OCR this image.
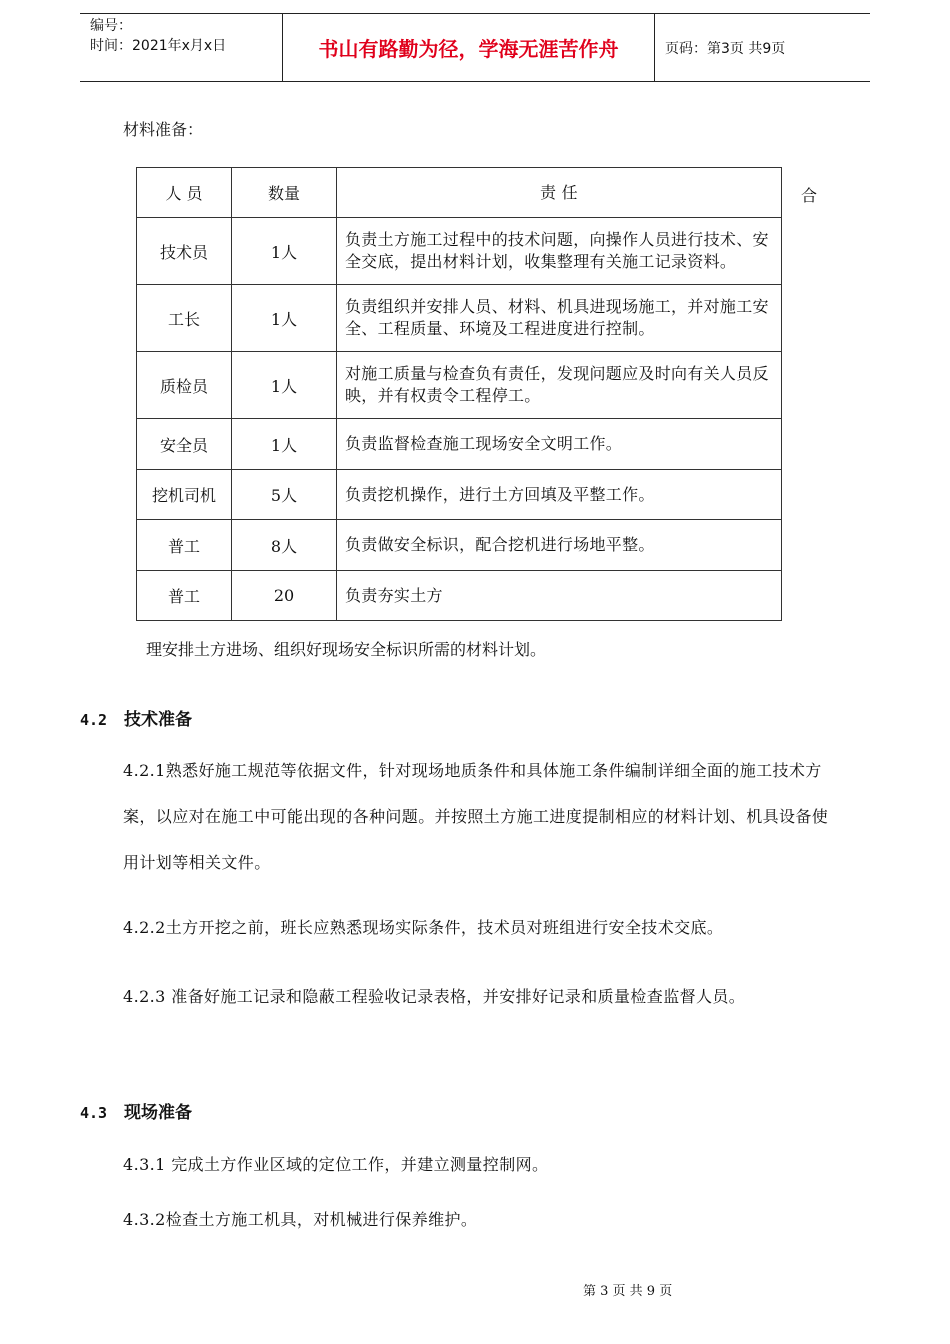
编号：
时间：2021年x月x日	书山有路勤为径，学海无涯苦作舟	页码：第3页 共9页
材料准备：
人 员	数量	责 任
技术员	1人	负责土方施工过程中的技术问题，向操作人员进行技术、安全交底，提出材料计划，收集整理有关施工记录资料。
工长	1人	负责组织并安排人员、材料、机具进现场施工，并对施工安全、工程质量、环境及工程进度进行控制。
质检员	1人	对施工质量与检查负有责任，发现问题应及时向有关人员反映，并有权责令工程停工。
安全员	1人	负责监督检查施工现场安全文明工作。
挖机司机	5人	负责挖机操作，进行土方回填及平整工作。
普工	8人	负责做安全标识，配合挖机进行场地平整。
普工	20	负责夯实土方
合
理安排土方进场、组织好现场安全标识所需的材料计划。
4.2 技术准备
4.2.1熟悉好施工规范等依据文件，针对现场地质条件和具体施工条件编制详细全面的施工技术方案，以应对在施工中可能出现的各种问题。并按照土方施工进度提制相应的材料计划、机具设备使用计划等相关文件。
4.2.2土方开挖之前，班长应熟悉现场实际条件，技术员对班组进行安全技术交底。
4.2.3 准备好施工记录和隐蔽工程验收记录表格，并安排好记录和质量检查监督人员。
4.3 现场准备
4.3.1 完成土方作业区域的定位工作，并建立测量控制网。
4.3.2检查土方施工机具，对机械进行保养维护。
第 3 页 共 9 页
